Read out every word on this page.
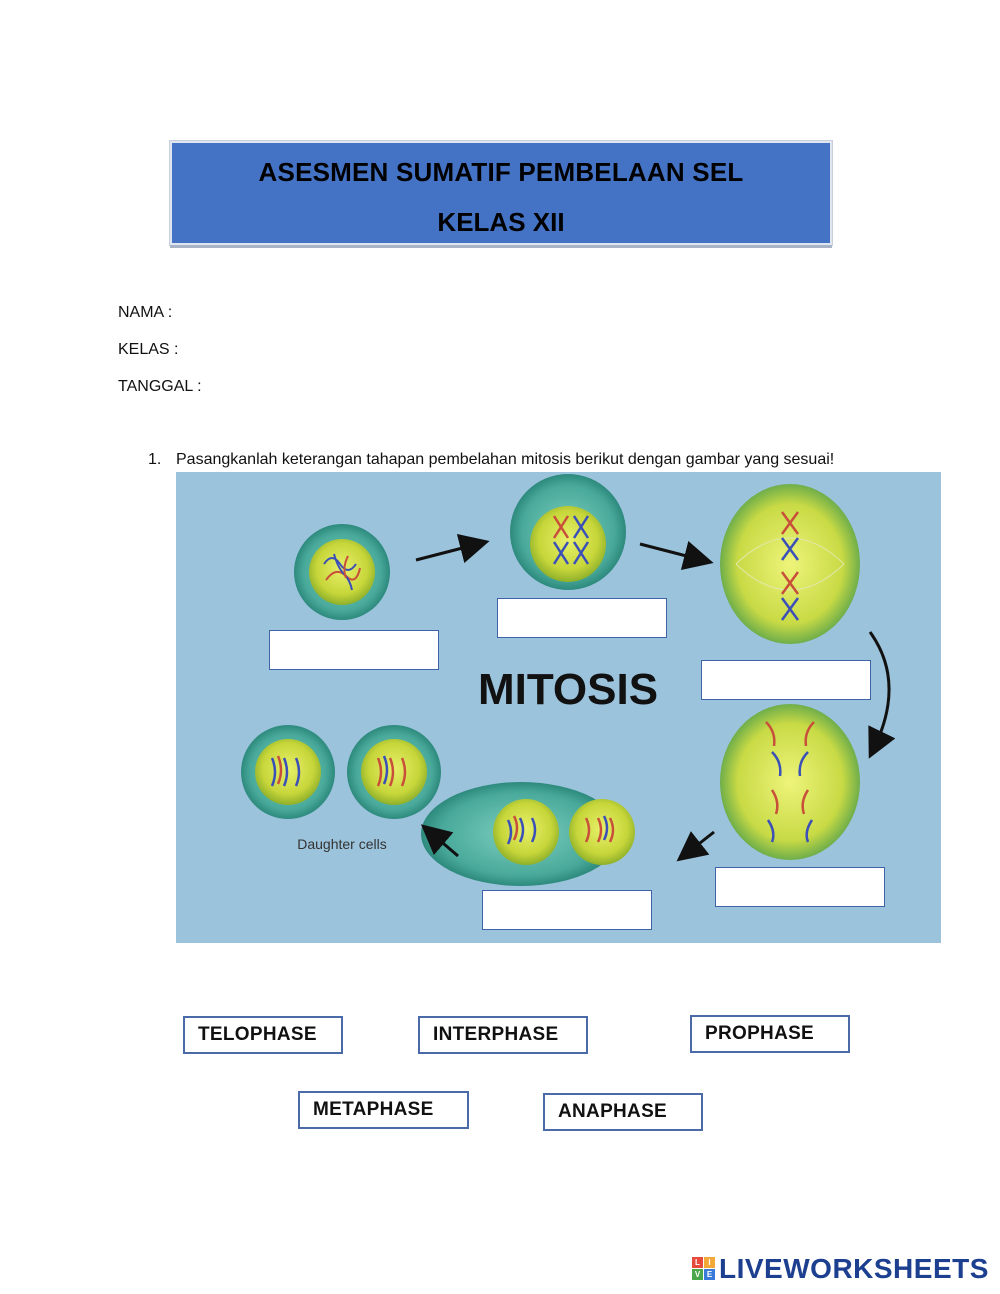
ASESMEN SUMATIF PEMBELAAN SEL
KELAS XII
NAMA :
KELAS :
TANGGAL :
1. Pasangkanlah keterangan tahapan pembelahan mitosis berikut dengan gambar yang sesuai!
MITOSIS
Daughter cells
TELOPHASE	INTERPHASE	PROPHASE
METAPHASE	ANAPHASE
L	I
V E LIVEWORKSHEETS
